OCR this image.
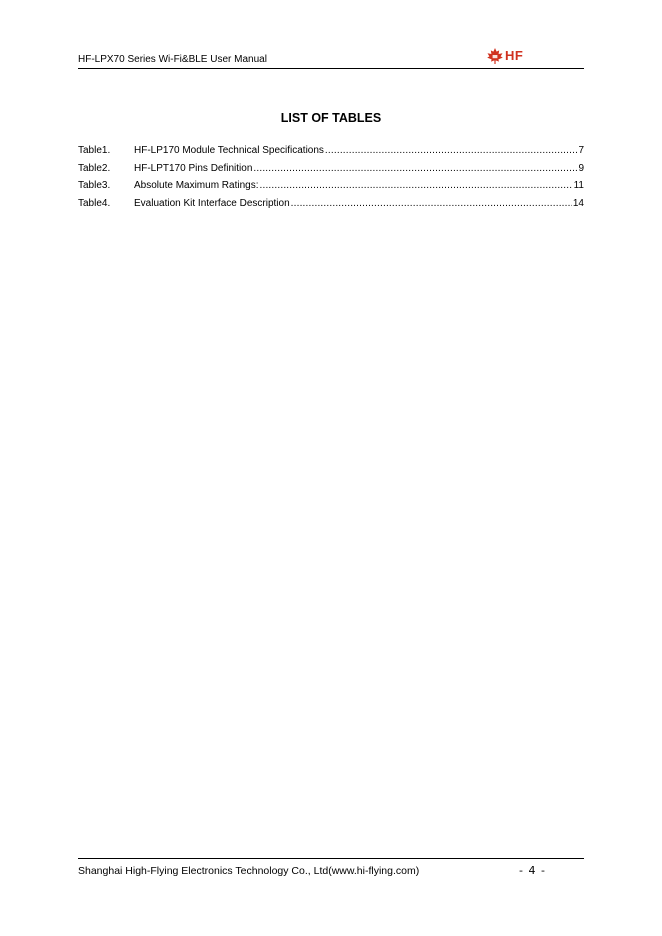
HF-LPX70 Series Wi-Fi&BLE User Manual	HF
LIST OF TABLES
Table1.	HF-LP170 Module Technical Specifications .....	7
Table2.	HF-LPT170 Pins Definition .....	9
Table3.	Absolute Maximum Ratings: .....	11
Table4.	Evaluation Kit Interface Description .....	14
Shanghai High-Flying Electronics Technology Co., Ltd(www.hi-flying.com)	- 4 -
